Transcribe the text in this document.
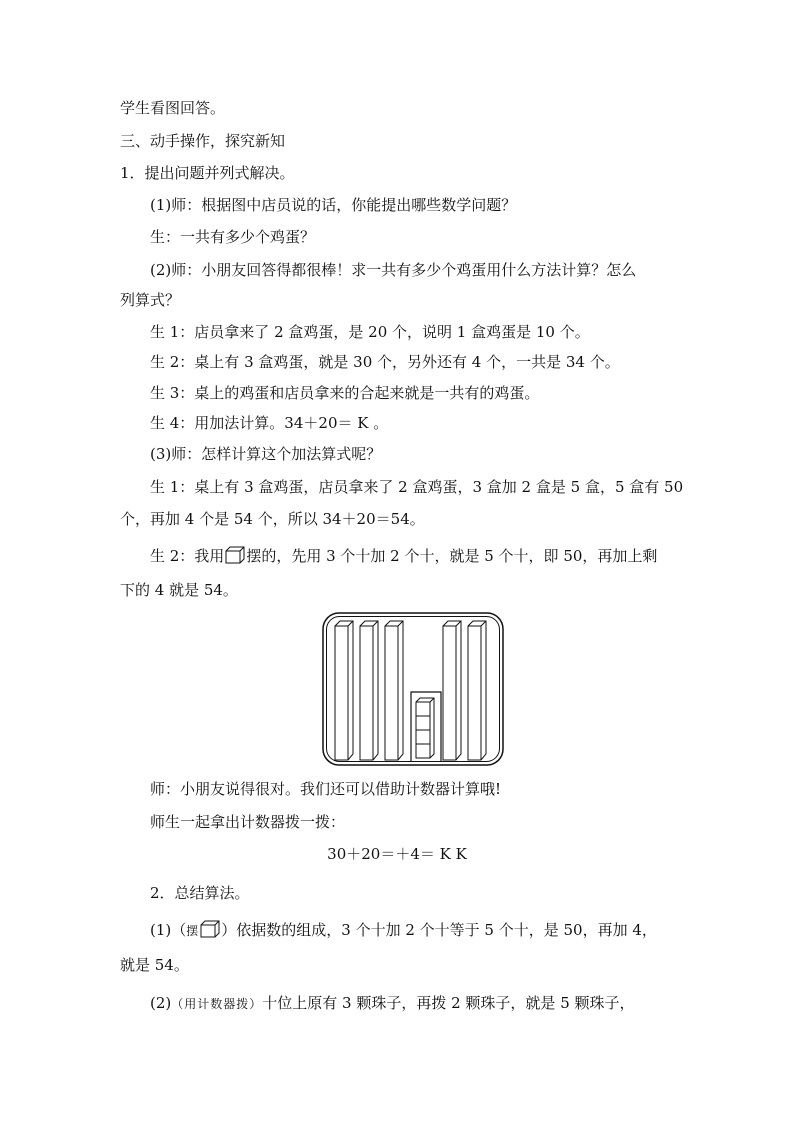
学生看图回答。
三、动手操作，探究新知
1．提出问题并列式解决。
(1)师：根据图中店员说的话，你能提出哪些数学问题？
生：一共有多少个鸡蛋？
(2)师：小朋友回答得都很棒！求一共有多少个鸡蛋用什么方法计算？怎么
列算式？
生 1：店员拿来了 2 盒鸡蛋，是 20 个，说明 1 盒鸡蛋是 10 个。
生 2：桌上有 3 盒鸡蛋，就是 30 个，另外还有 4 个，一共是 34 个。
生 3：桌上的鸡蛋和店员拿来的合起来就是一共有的鸡蛋。
生 4：用加法计算。34＋20＝ K 。
(3)师：怎样计算这个加法算式呢？
生 1：桌上有 3 盒鸡蛋，店员拿来了 2 盒鸡蛋，3 盒加 2 盒是 5 盒，5 盒有 50
个，再加 4 个是 54 个，所以 34＋20＝54。
生 2：我用 摆的，先用 3 个十加 2 个十，就是 5 个十，即 50，再加上剩
下的 4 就是 54。
师：小朋友说得很对。我们还可以借助计数器计算哦!
师生一起拿出计数器拨一拨：
30＋20＝＋4＝ K K
2．总结算法。
(1)（摆 ）依据数的组成，3 个十加 2 个十等于 5 个十，是 50，再加 4，
就是 54。
(2)（用计数器拨）十位上原有 3 颗珠子，再拨 2 颗珠子，就是 5 颗珠子，
